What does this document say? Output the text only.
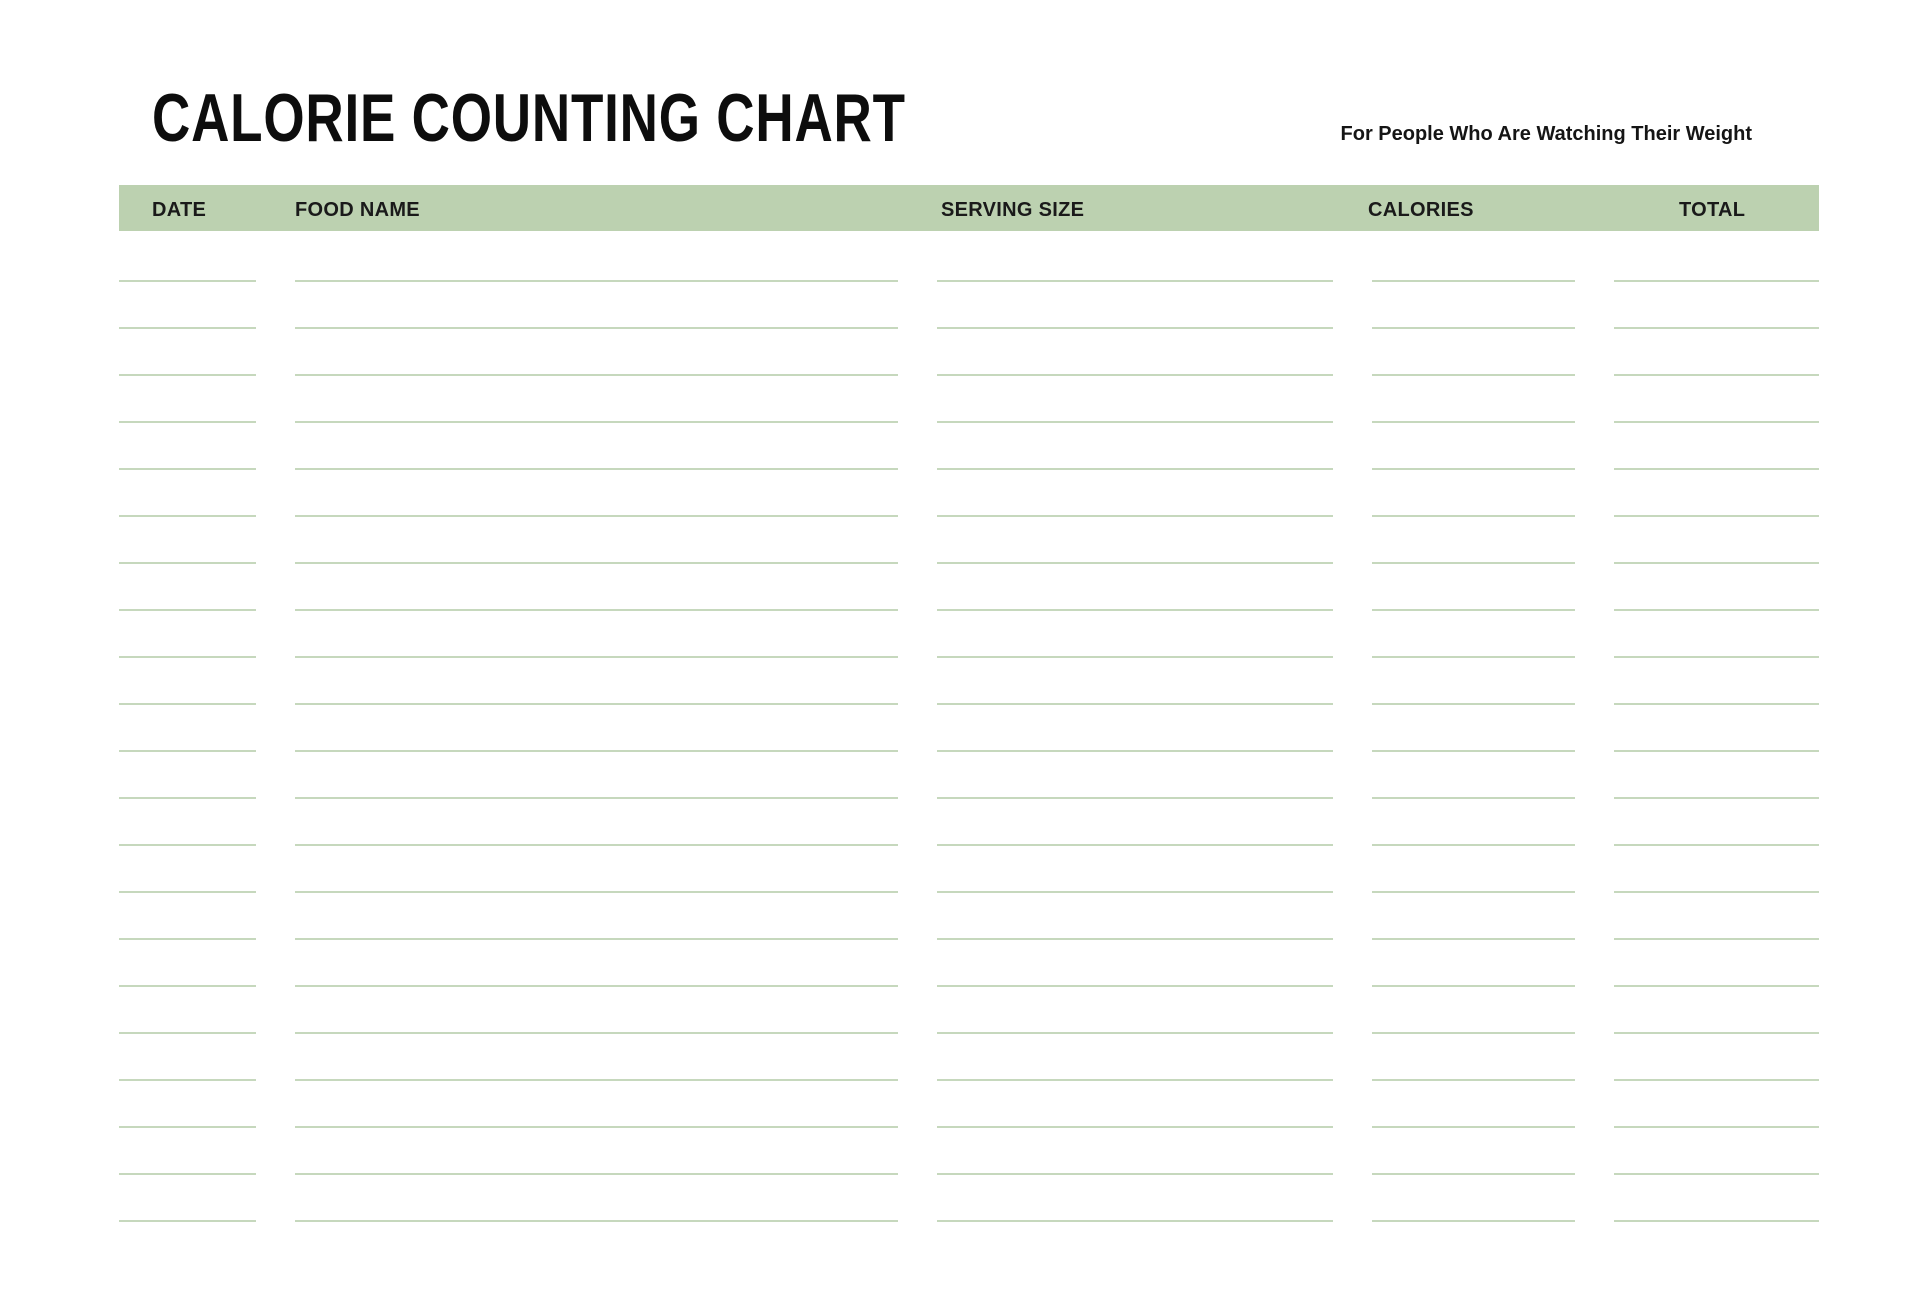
CALORIE COUNTING CHART	For People Who Are Watching Their Weight
DATE	FOOD NAME	SERVING SIZE	CALORIES	TOTAL
